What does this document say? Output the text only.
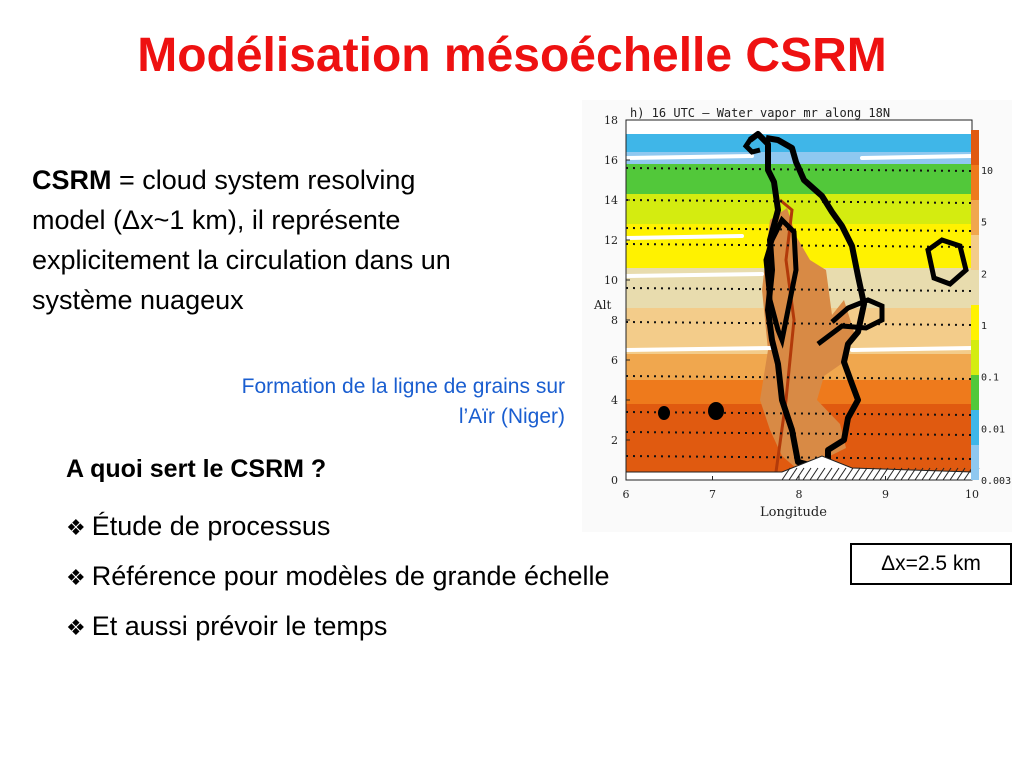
Modélisation mésoéchelle CSRM
CSRM = cloud system resolving model (Δx~1 km), il représente explicitement la circulation dans un système nuageux
Formation de la ligne de grains sur l’Aïr (Niger)
A quoi sert le CSRM ?
❖ Étude de processus
❖ Référence pour modèles de grande échelle
❖ Et aussi prévoir le temps
Δx=2.5 km
h) 16 UTC – Water vapor mr along 18N
Alt
Longitude
0
2
4
6
8
10
12
14
16
18
6	7	8	9	10
10
5
2
1
0.1
0.01
0.003
